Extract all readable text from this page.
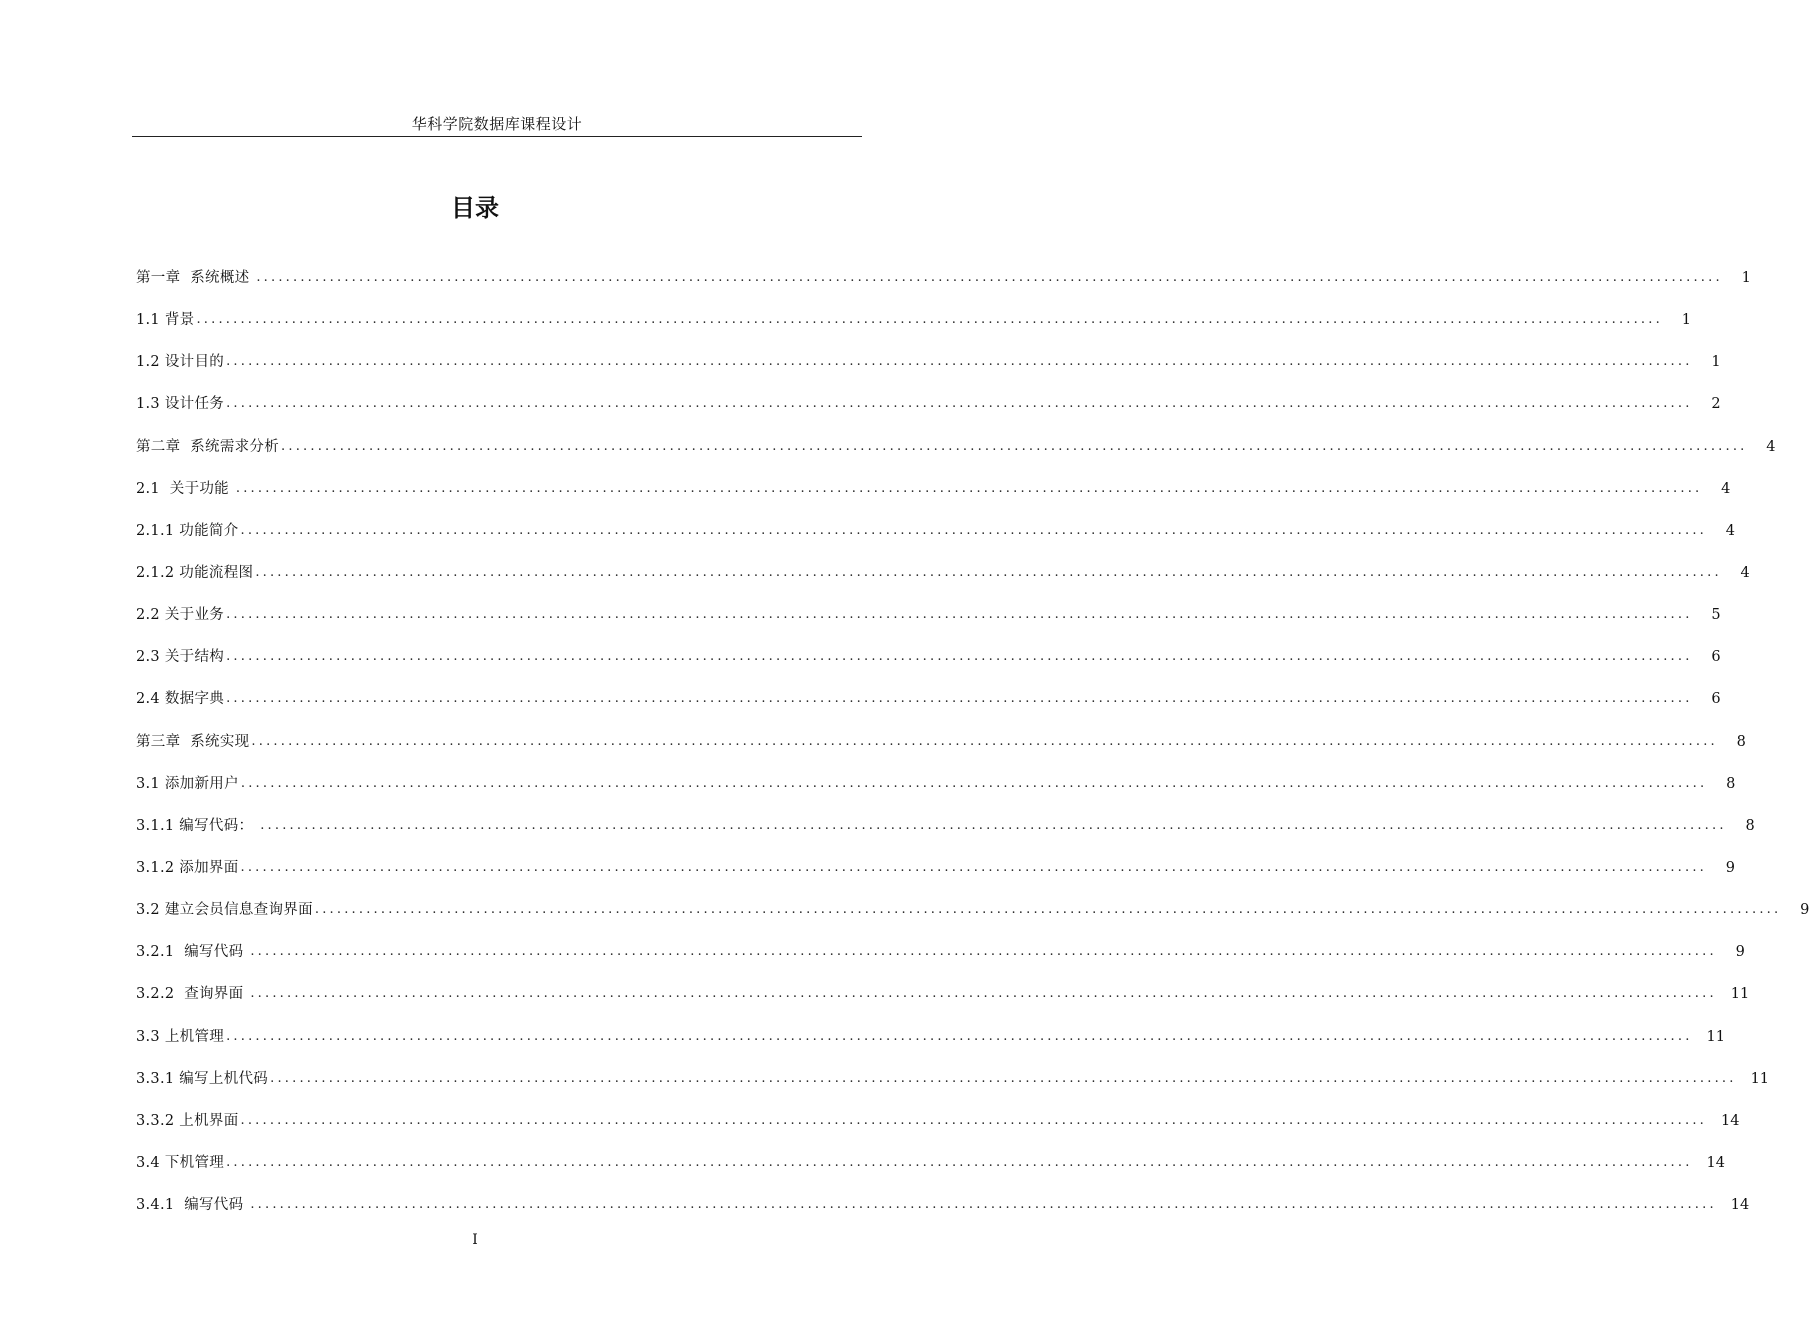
华科学院数据库课程设计
目录
第一章  系统概述 ........................................................................................................................................................................................................	1
1.1 背景 ........................................................................................................................................................................................................	1
1.2 设计目的 ........................................................................................................................................................................................................	1
1.3 设计任务 ........................................................................................................................................................................................................	2
第二章  系统需求分析 ........................................................................................................................................................................................................	4
2.1  关于功能 ........................................................................................................................................................................................................	4
2.1.1 功能简介 ........................................................................................................................................................................................................	4
2.1.2 功能流程图 ........................................................................................................................................................................................................	4
2.2 关于业务 ........................................................................................................................................................................................................	5
2.3 关于结构 ........................................................................................................................................................................................................	6
2.4 数据字典 ........................................................................................................................................................................................................	6
第三章  系统实现 ........................................................................................................................................................................................................	8
3.1 添加新用户 ........................................................................................................................................................................................................	8
3.1.1 编写代码： ........................................................................................................................................................................................................	8
3.1.2 添加界面 ........................................................................................................................................................................................................	9
3.2 建立会员信息查询界面 ........................................................................................................................................................................................................	9
3.2.1  编写代码 ........................................................................................................................................................................................................	9
3.2.2  查询界面 ........................................................................................................................................................................................................ 11
3.3 上机管理 ........................................................................................................................................................................................................ 11
3.3.1 编写上机代码 ........................................................................................................................................................................................................ 11
3.3.2 上机界面 ........................................................................................................................................................................................................ 14
3.4 下机管理 ........................................................................................................................................................................................................ 14
3.4.1  编写代码 ........................................................................................................................................................................................................ 14
I
